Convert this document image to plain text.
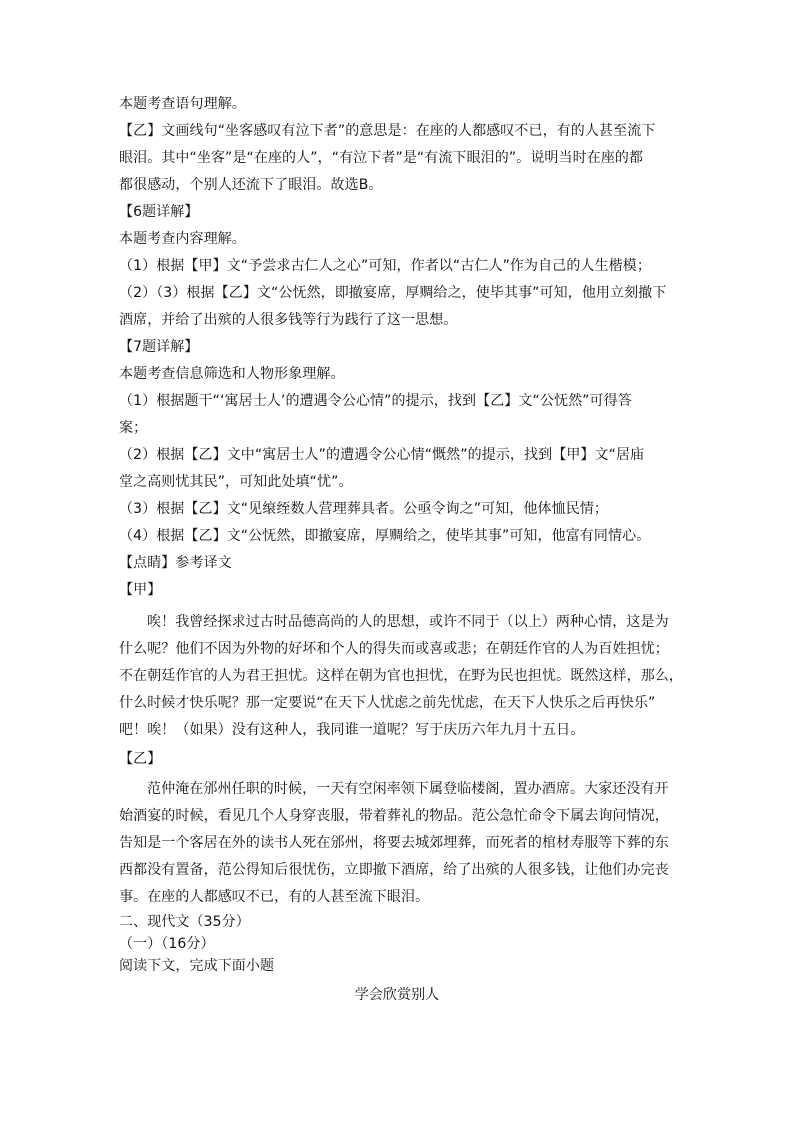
本题考查语句理解。
【乙】文画线句“坐客感叹有泣下者”的意思是：在座的人都感叹不已，有的人甚至流下
眼泪。其中“坐客”是“在座的人”，“有泣下者”是“有流下眼泪的”。说明当时在座的都
都很感动，个别人还流下了眼泪。故选B。
【6题详解】
本题考查内容理解。
（1）根据【甲】文“予尝求古仁人之心”可知，作者以“古仁人”作为自己的人生楷模；
（2）（3）根据【乙】文“公怃然，即撤宴席，厚赒给之，使毕其事”可知，他用立刻撤下
酒席，并给了出殡的人很多钱等行为践行了这一思想。
【7题详解】
本题考查信息筛选和人物形象理解。
（1）根据题干“‘寓居士人’的遭遇令公心情”的提示，找到【乙】文“公怃然”可得答
案；
（2）根据【乙】文中“寓居士人”的遭遇令公心情“慨然”的提示，找到【甲】文“居庙
堂之高则忧其民”，可知此处填“忧”。
（3）根据【乙】文“见缞绖数人营理葬具者。公亟令询之”可知，他体恤民情；
（4）根据【乙】文“公怃然，即撤宴席，厚赒给之，使毕其事”可知，他富有同情心。
【点睛】参考译文
【甲】
唉！我曾经探求过古时品德高尚的人的思想，或许不同于（以上）两种心情，这是为
什么呢？他们不因为外物的好坏和个人的得失而或喜或悲；在朝廷作官的人为百姓担忧；
不在朝廷作官的人为君王担忧。这样在朝为官也担忧，在野为民也担忧。既然这样，那么，
什么时候才快乐呢？那一定要说“在天下人忧虑之前先忧虑，在天下人快乐之后再快乐”
吧！唉！（如果）没有这种人，我同谁一道呢？写于庆历六年九月十五日。
【乙】
范仲淹在邠州任职的时候，一天有空闲率领下属登临楼阁，置办酒席。大家还没有开
始酒宴的时候，看见几个人身穿丧服，带着葬礼的物品。范公急忙命令下属去询问情况，
告知是一个客居在外的读书人死在邠州，将要去城郊埋葬，而死者的棺材寿服等下葬的东
西都没有置备，范公得知后很忧伤，立即撤下酒席，给了出殡的人很多钱，让他们办完丧
事。在座的人都感叹不已，有的人甚至流下眼泪。
二、现代文（35分）
（一）（16分）
阅读下文，完成下面小题
学会欣赏别人
